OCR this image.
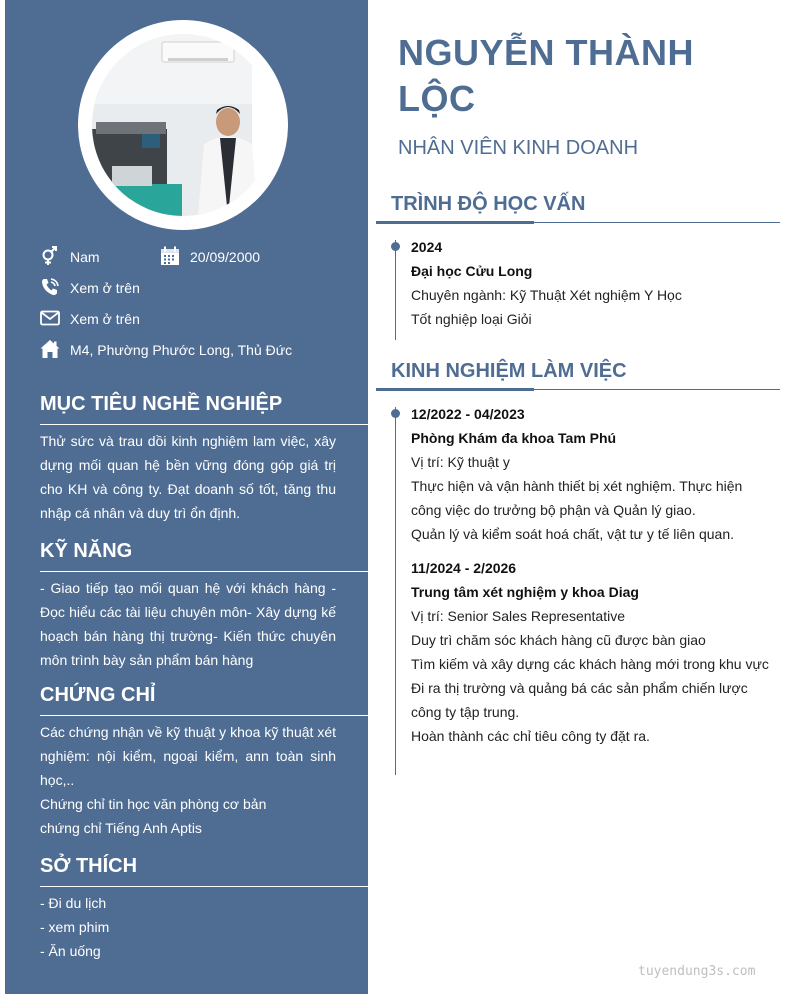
Nam	20/09/2000
Xem ở trên
Xem ở trên
M4, Phường Phước Long, Thủ Đức
MỤC TIÊU NGHỀ NGHIỆP
Thử sức và trau dồi kinh nghiệm lam việc, xây dựng mối quan hệ bền vững đóng góp giá trị cho KH và công ty. Đạt doanh số tốt, tăng thu nhập cá nhân và duy trì ổn định.
KỸ NĂNG
- Giao tiếp tạo mối quan hệ với khách hàng - Đọc hiểu các tài liệu chuyên môn- Xây dựng kế hoạch bán hàng thị trường- Kiến thức chuyên môn trình bày sản phẩm bán hàng
CHỨNG CHỈ
Các chứng nhận về kỹ thuật y khoa kỹ thuật xét nghiệm: nội kiểm, ngoại kiểm, ann toàn sinh học,..
Chứng chỉ tin học văn phòng cơ bản
chứng chỉ Tiếng Anh Aptis
SỞ THÍCH
- Đi du lịch
- xem phim
- Ăn uống
NGUYỄN THÀNH LỘC
NHÂN VIÊN KINH DOANH
TRÌNH ĐỘ HỌC VẤN
2024
Đại học Cửu Long
Chuyên ngành: Kỹ Thuật Xét nghiệm Y Học
Tốt nghiệp loại Giỏi
KINH NGHIỆM LÀM VIỆC
12/2022 - 04/2023
Phòng Khám đa khoa Tam Phú
Vị trí: Kỹ thuật y
Thực hiện và vận hành thiết bị xét nghiệm. Thực hiện công việc do trưởng bộ phận và Quản lý giao.
Quản lý và kiểm soát hoá chất, vật tư y tế liên quan.
11/2024 - 2/2026
Trung tâm xét nghiệm y khoa Diag
Vị trí: Senior Sales Representative
Duy trì chăm sóc khách hàng cũ được bàn giao
Tìm kiếm và xây dựng các khách hàng mới trong khu vực
Đi ra thị trường và quảng bá các sản phẩm chiến lược công ty tập trung.
Hoàn thành các chỉ tiêu công ty đặt ra.
tuyendung3s.com
